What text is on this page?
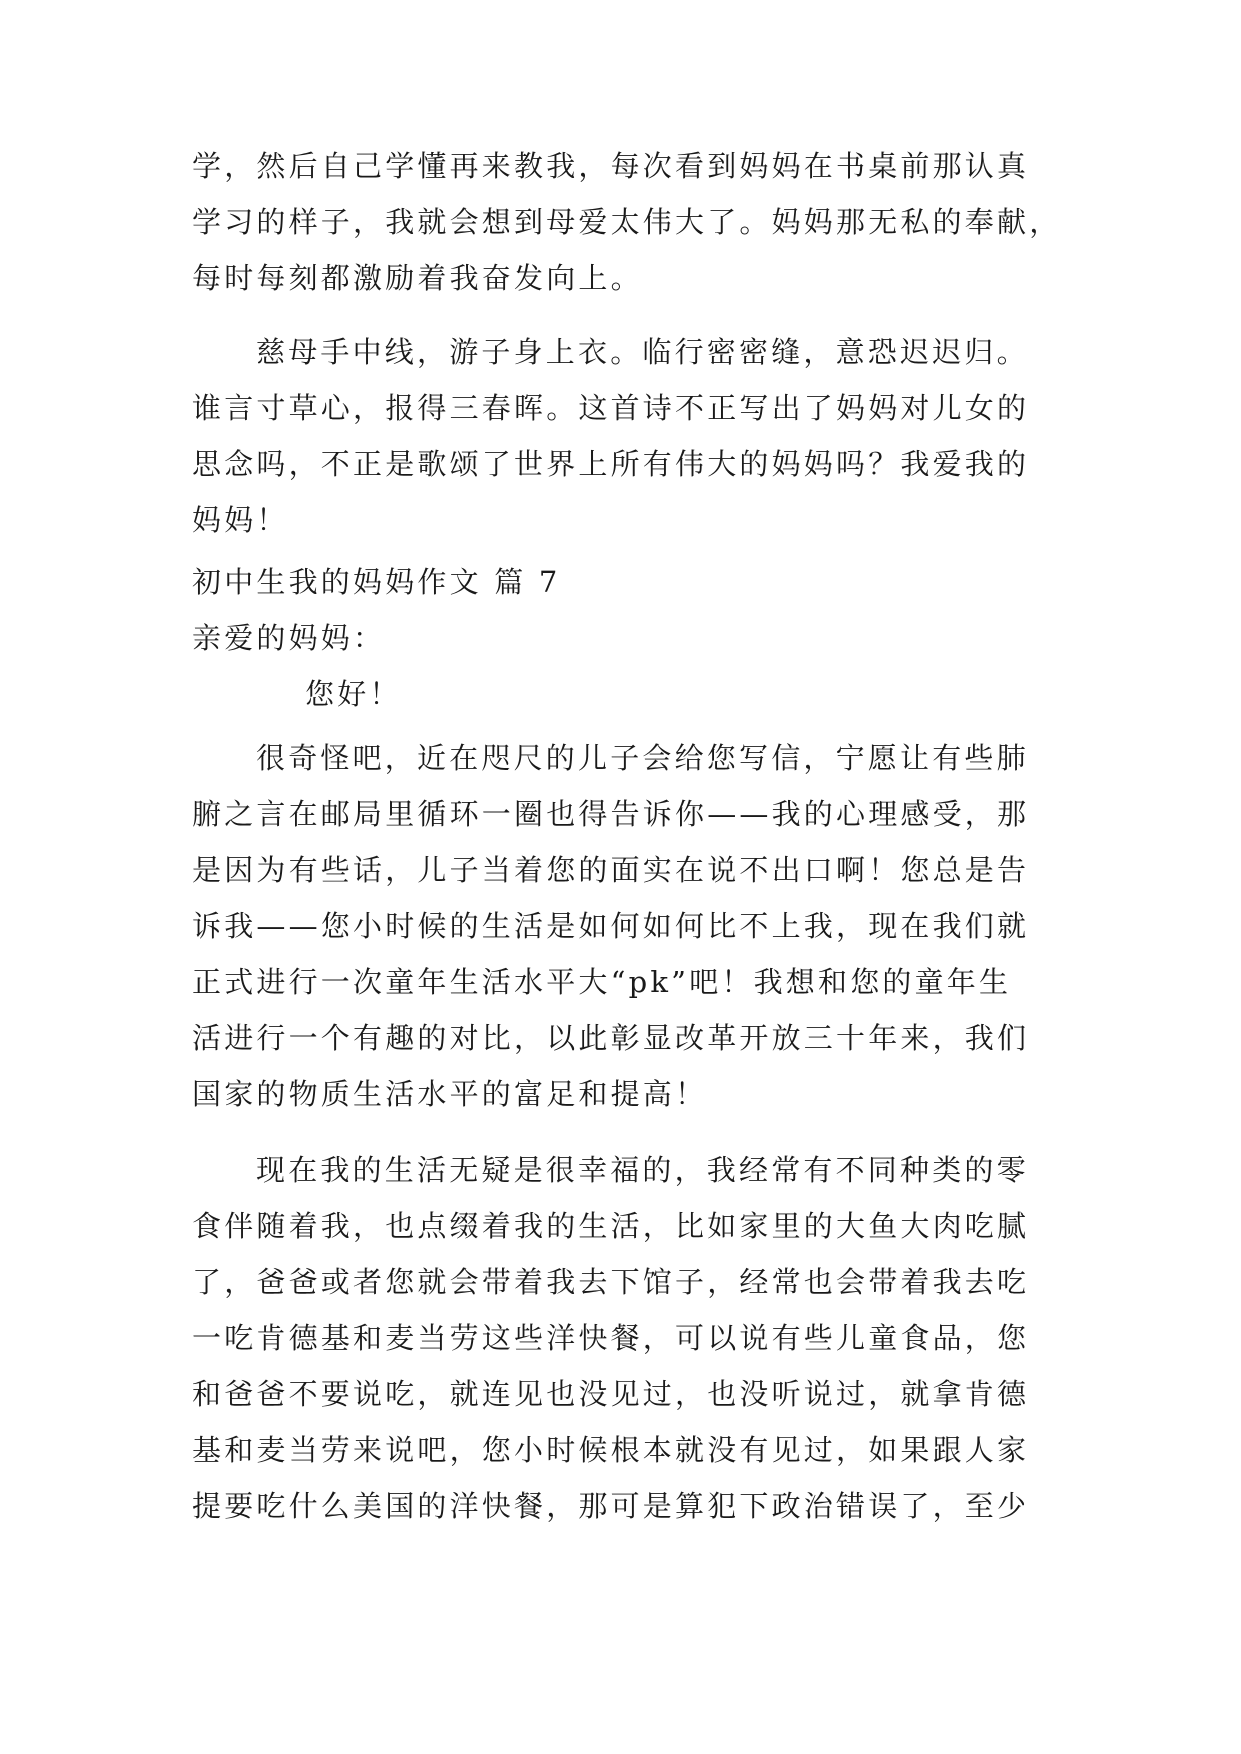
学，然后自己学懂再来教我，每次看到妈妈在书桌前那认真
学习的样子，我就会想到母爱太伟大了。妈妈那无私的奉献，
每时每刻都激励着我奋发向上。
慈母手中线，游子身上衣。临行密密缝，意恐迟迟归。
谁言寸草心，报得三春晖。这首诗不正写出了妈妈对儿女的
思念吗，不正是歌颂了世界上所有伟大的妈妈吗？我爱我的
妈妈！
初中生我的妈妈作文 篇 7
亲爱的妈妈：
您好！
很奇怪吧，近在咫尺的儿子会给您写信，宁愿让有些肺
腑之言在邮局里循环一圈也得告诉你——我的心理感受，那
是因为有些话，儿子当着您的面实在说不出口啊！您总是告
诉我——您小时候的生活是如何如何比不上我，现在我们就
正式进行一次童年生活水平大“pk”吧！我想和您的童年生
活进行一个有趣的对比，以此彰显改革开放三十年来，我们
国家的物质生活水平的富足和提高！
现在我的生活无疑是很幸福的，我经常有不同种类的零
食伴随着我，也点缀着我的生活，比如家里的大鱼大肉吃腻
了，爸爸或者您就会带着我去下馆子，经常也会带着我去吃
一吃肯德基和麦当劳这些洋快餐，可以说有些儿童食品，您
和爸爸不要说吃，就连见也没见过，也没听说过，就拿肯德
基和麦当劳来说吧，您小时候根本就没有见过，如果跟人家
提要吃什么美国的洋快餐，那可是算犯下政治错误了，至少
